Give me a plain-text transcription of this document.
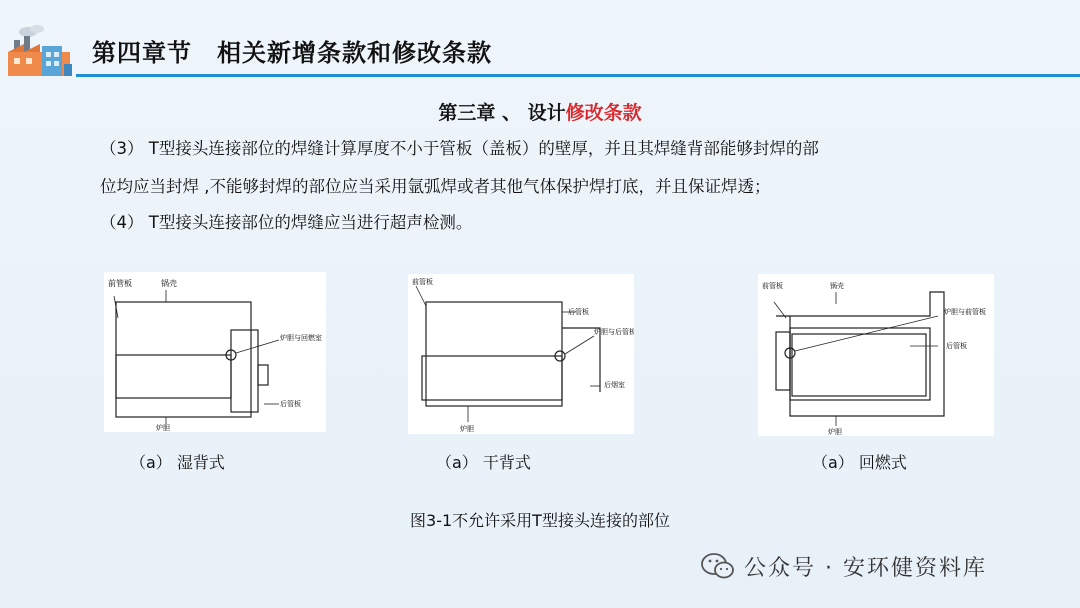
第四章节　相关新增条款和修改条款
第三章 、 设计修改条款
（3） T型接头连接部位的焊缝计算厚度不小于管板（盖板）的壁厚，并且其焊缝背部能够封焊的部
位均应当封焊 ,不能够封焊的部位应当采用氩弧焊或者其他气体保护焊打底，并且保证焊透；
（4） T型接头连接部位的焊缝应当进行超声检测。
前管板	锅壳
炉胆与回燃室
后管板
炉胆
（a） 湿背式
前管板
后管板
炉胆与后管板
后烟室
炉胆
（a） 干背式
前管板	锅壳
炉胆与前管板
后管板
炉胆
（a） 回燃式
图3-1不允许采用T型接头连接的部位
公众号 · 安环健资料库
